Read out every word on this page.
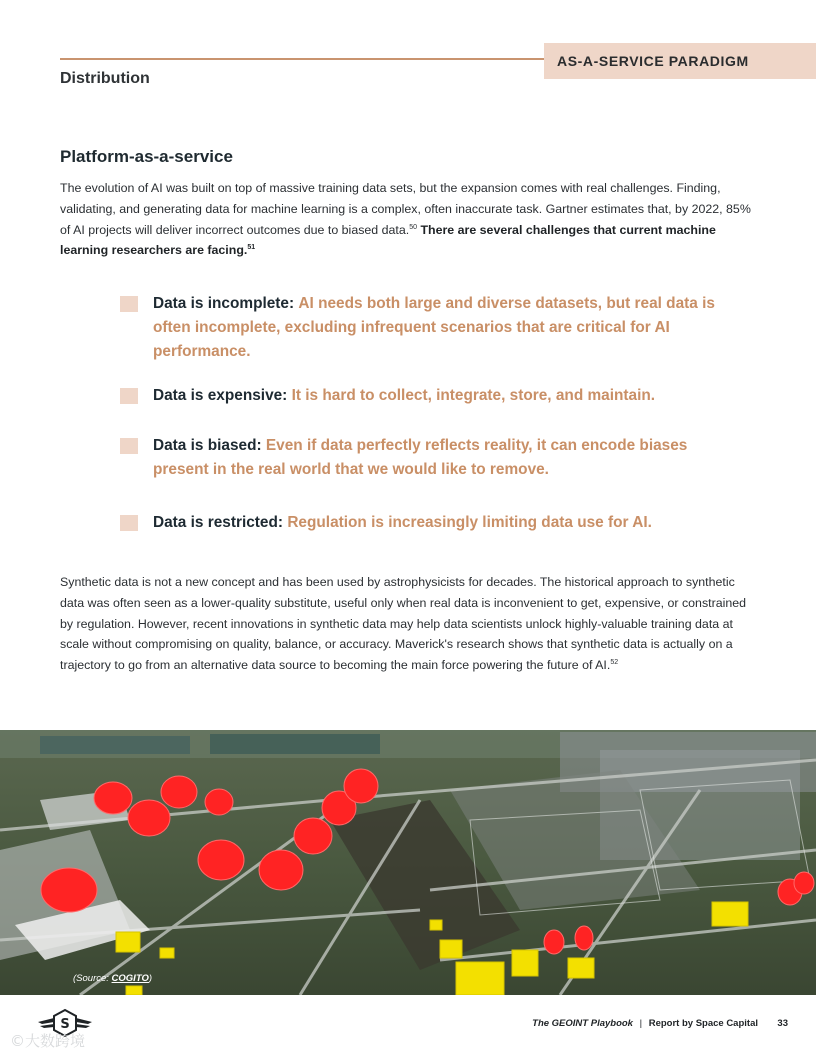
AS-A-SERVICE PARADIGM
Distribution
Platform-as-a-service
The evolution of AI was built on top of massive training data sets, but the expansion comes with real challenges. Finding, validating, and generating data for machine learning is a complex, often inaccurate task. Gartner estimates that, by 2022, 85% of AI projects will deliver incorrect outcomes due to biased data.$^{50}$ There are several challenges that current machine learning researchers are facing.$^{51}$
Data is incomplete: AI needs both large and diverse datasets, but real data is often incomplete, excluding infrequent scenarios that are critical for AI performance.
Data is expensive: It is hard to collect, integrate, store, and maintain.
Data is biased: Even if data perfectly reflects reality, it can encode biases present in the real world that we would like to remove.
Data is restricted: Regulation is increasingly limiting data use for AI.
Synthetic data is not a new concept and has been used by astrophysicists for decades. The historical approach to synthetic data was often seen as a lower-quality substitute, useful only when real data is inconvenient to get, expensive, or constrained by regulation. However, recent innovations in synthetic data may help data scientists unlock highly-valuable training data at scale without compromising on quality, balance, or accuracy. Maverick's research shows that synthetic data is actually on a trajectory to go from an alternative data source to becoming the main force powering the future of AI.$^{52}$
(Source: COGITO)
S
©大数跨境
The GEOINT Playbook | Report by Space Capital 33
